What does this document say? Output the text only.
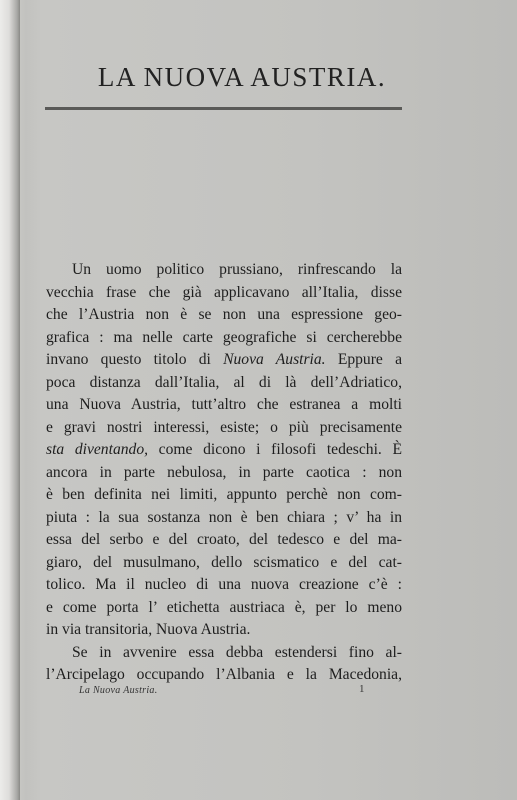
LA NUOVA AUSTRIA.
Un uomo politico prussiano, rinfrescando la
vecchia frase che già applicavano all’Italia, disse
che l’Austria non è se non una espressione geo-
grafica : ma nelle carte geografiche si cercherebbe
invano questo titolo di Nuova Austria. Eppure a
poca distanza dall’Italia, al di là dell’Adriatico,
una Nuova Austria, tutt’altro che estranea a molti
e gravi nostri interessi, esiste; o più precisamente
sta diventando, come dicono i filosofi tedeschi. È
ancora in parte nebulosa, in parte caotica : non
è ben definita nei limiti, appunto perchè non com-
piuta : la sua sostanza non è ben chiara ; v’ ha in
essa del serbo e del croato, del tedesco e del ma-
giaro, del musulmano, dello scismatico e del cat-
tolico. Ma il nucleo di una nuova creazione c’è :
e come porta l’ etichetta austriaca è, per lo meno
in via transitoria, Nuova Austria.
Se in avvenire essa debba estendersi fino al-
l’Arcipelago occupando l’Albania e la Macedonia,
La Nuova Austria.	1
